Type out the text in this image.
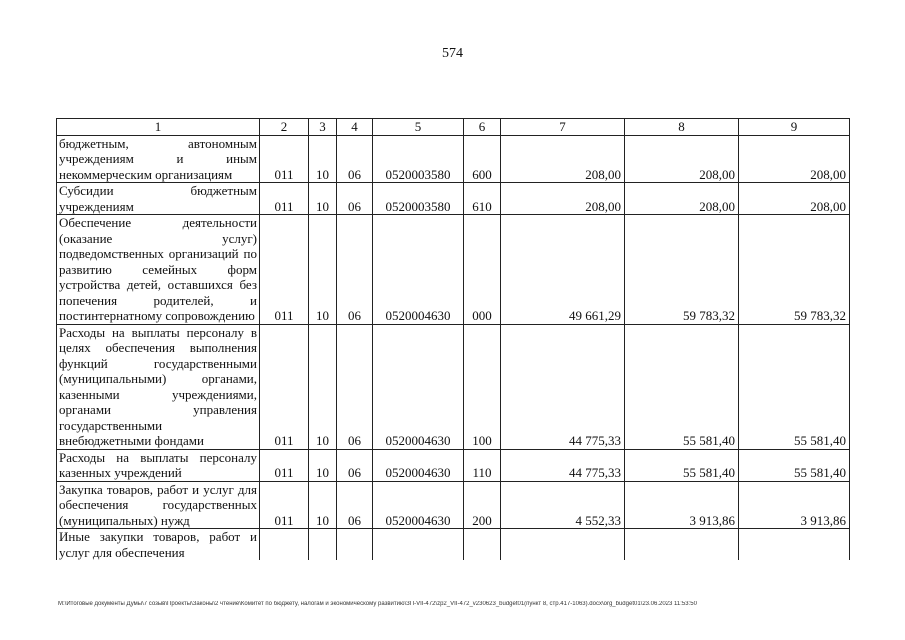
574
1	2	3	4	5	6	7	8	9
бюджетным, автономным учреждениям и иным некоммерческим организациям	011	10	06	0520003580	600	208,00	208,00	208,00
Субсидии бюджетным учреждениям	011	10	06	0520003580	610	208,00	208,00	208,00
Обеспечение деятельности (оказание услуг) подведомственных организаций по развитию семейных форм устройства детей, оставшихся без попечения родителей, и постинтернатному сопровождению	011	10	06	0520004630	000	49 661,29	59 783,32	59 783,32
Расходы на выплаты персоналу в целях обеспечения выполнения функций государственными (муниципальными) органами, казенными учреждениями, органами управления государственными внебюджетными фондами	011	10	06	0520004630	100	44 775,33	55 581,40	55 581,40
Расходы на выплаты персоналу казенных учреждений	011	10	06	0520004630	110	44 775,33	55 581,40	55 581,40
Закупка товаров, работ и услуг для обеспечения государственных (муниципальных) нужд	011	10	06	0520004630	200	4 552,33	3 913,86	3 913,86
Иные закупки товаров, работ и услуг для обеспечения								
M:\Итоговые документы Думы\7 созыв\Проекты\Законы\2 чтение\Комитет по бюджету, налогам и экономическому развитию\ЗП-VII-472\zp2_VII-472_v230623_budget01(пункт 8, стр.417-1063).docx\org_budget01\23.06.2023 11:53:50
